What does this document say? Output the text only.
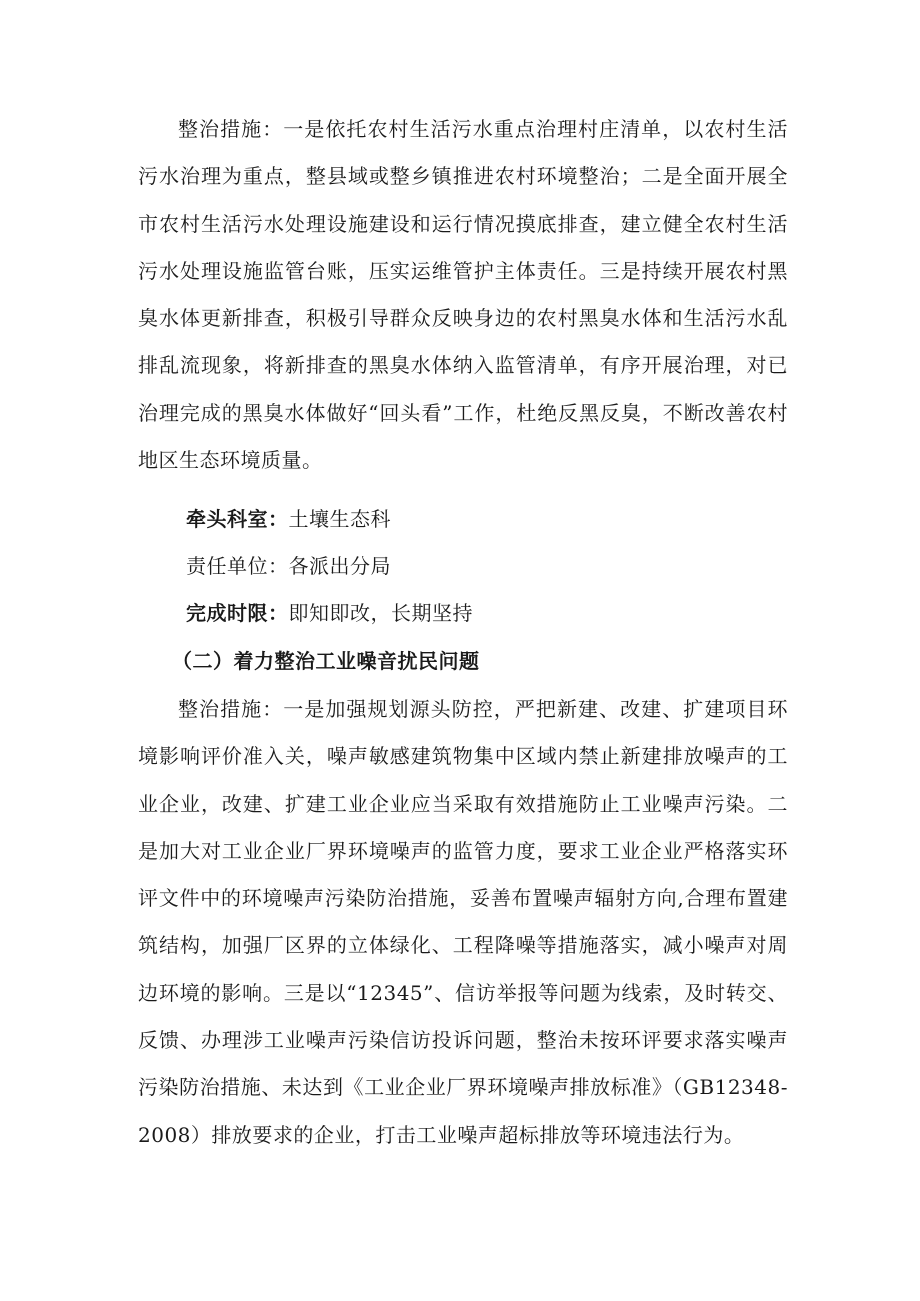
整治措施：一是依托农村生活污水重点治理村庄清单，以农村生活污水治理为重点，整县域或整乡镇推进农村环境整治；二是全面开展全市农村生活污水处理设施建设和运行情况摸底排查，建立健全农村生活污水处理设施监管台账，压实运维管护主体责任。三是持续开展农村黑臭水体更新排查，积极引导群众反映身边的农村黑臭水体和生活污水乱排乱流现象，将新排查的黑臭水体纳入监管清单，有序开展治理，对已治理完成的黑臭水体做好“回头看”工作，杜绝反黑反臭，不断改善农村地区生态环境质量。

牵头科室：土壤生态科

责任单位：各派出分局

完成时限：即知即改，长期坚持

（二）着力整治工业噪音扰民问题

整治措施：一是加强规划源头防控，严把新建、改建、扩建项目环境影响评价准入关，噪声敏感建筑物集中区域内禁止新建排放噪声的工业企业，改建、扩建工业企业应当采取有效措施防止工业噪声污染。二是加大对工业企业厂界环境噪声的监管力度，要求工业企业严格落实环评文件中的环境噪声污染防治措施，妥善布置噪声辐射方向,合理布置建筑结构，加强厂区界的立体绿化、工程降噪等措施落实，减小噪声对周边环境的影响。三是以“12345”、信访举报等问题为线索，及时转交、反馈、办理涉工业噪声污染信访投诉问题，整治未按环评要求落实噪声污染防治措施、未达到《工业企业厂界环境噪声排放标准》（GB12348-2008）排放要求的企业，打击工业噪声超标排放等环境违法行为。
